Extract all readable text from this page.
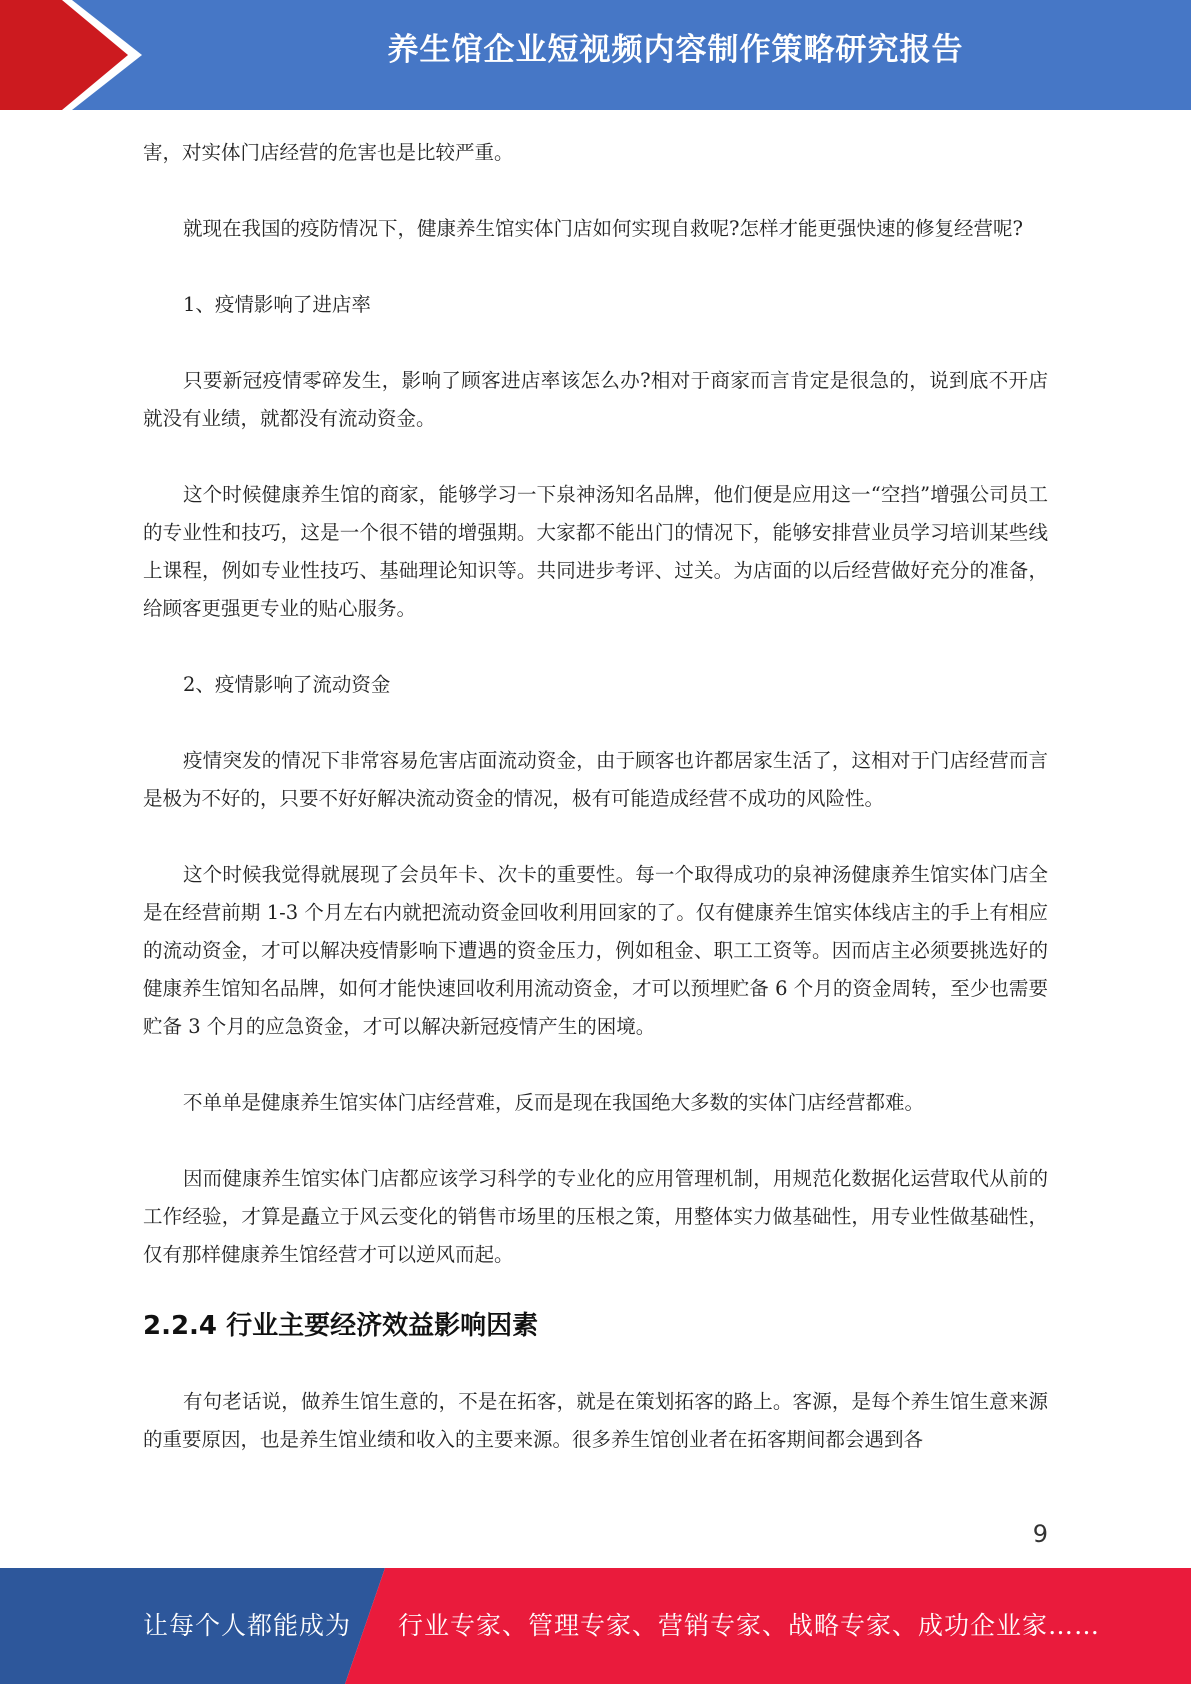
养生馆企业短视频内容制作策略研究报告

害，对实体门店经营的危害也是比较严重。

就现在我国的疫防情况下，健康养生馆实体门店如何实现自救呢?怎样才能更强快速的修复经营呢?

1、疫情影响了进店率

只要新冠疫情零碎发生，影响了顾客进店率该怎么办?相对于商家而言肯定是很急的，说到底不开店就没有业绩，就都没有流动资金。

这个时候健康养生馆的商家，能够学习一下泉神汤知名品牌，他们便是应用这一“空挡”增强公司员工的专业性和技巧，这是一个很不错的增强期。大家都不能出门的情况下，能够安排营业员学习培训某些线上课程，例如专业性技巧、基础理论知识等。共同进步考评、过关。为店面的以后经营做好充分的准备，给顾客更强更专业的贴心服务。

2、疫情影响了流动资金

疫情突发的情况下非常容易危害店面流动资金，由于顾客也许都居家生活了，这相对于门店经营而言是极为不好的，只要不好好解决流动资金的情况，极有可能造成经营不成功的风险性。

这个时候我觉得就展现了会员年卡、次卡的重要性。每一个取得成功的泉神汤健康养生馆实体门店全是在经营前期 1-3 个月左右内就把流动资金回收利用回家的了。仅有健康养生馆实体线店主的手上有相应的流动资金，才可以解决疫情影响下遭遇的资金压力，例如租金、职工工资等。因而店主必须要挑选好的健康养生馆知名品牌，如何才能快速回收利用流动资金，才可以预埋贮备 6 个月的资金周转，至少也需要贮备 3 个月的应急资金，才可以解决新冠疫情产生的困境。

不单单是健康养生馆实体门店经营难，反而是现在我国绝大多数的实体门店经营都难。

因而健康养生馆实体门店都应该学习科学的专业化的应用管理机制，用规范化数据化运营取代从前的工作经验，才算是矗立于风云变化的销售市场里的压根之策，用整体实力做基础性，用专业性做基础性，仅有那样健康养生馆经营才可以逆风而起。

2.2.4 行业主要经济效益影响因素

有句老话说，做养生馆生意的，不是在拓客，就是在策划拓客的路上。客源，是每个养生馆生意来源的重要原因，也是养生馆业绩和收入的主要来源。很多养生馆创业者在拓客期间都会遇到各

9
让每个人都能成为 行业专家、管理专家、营销专家、战略专家、成功企业家……
